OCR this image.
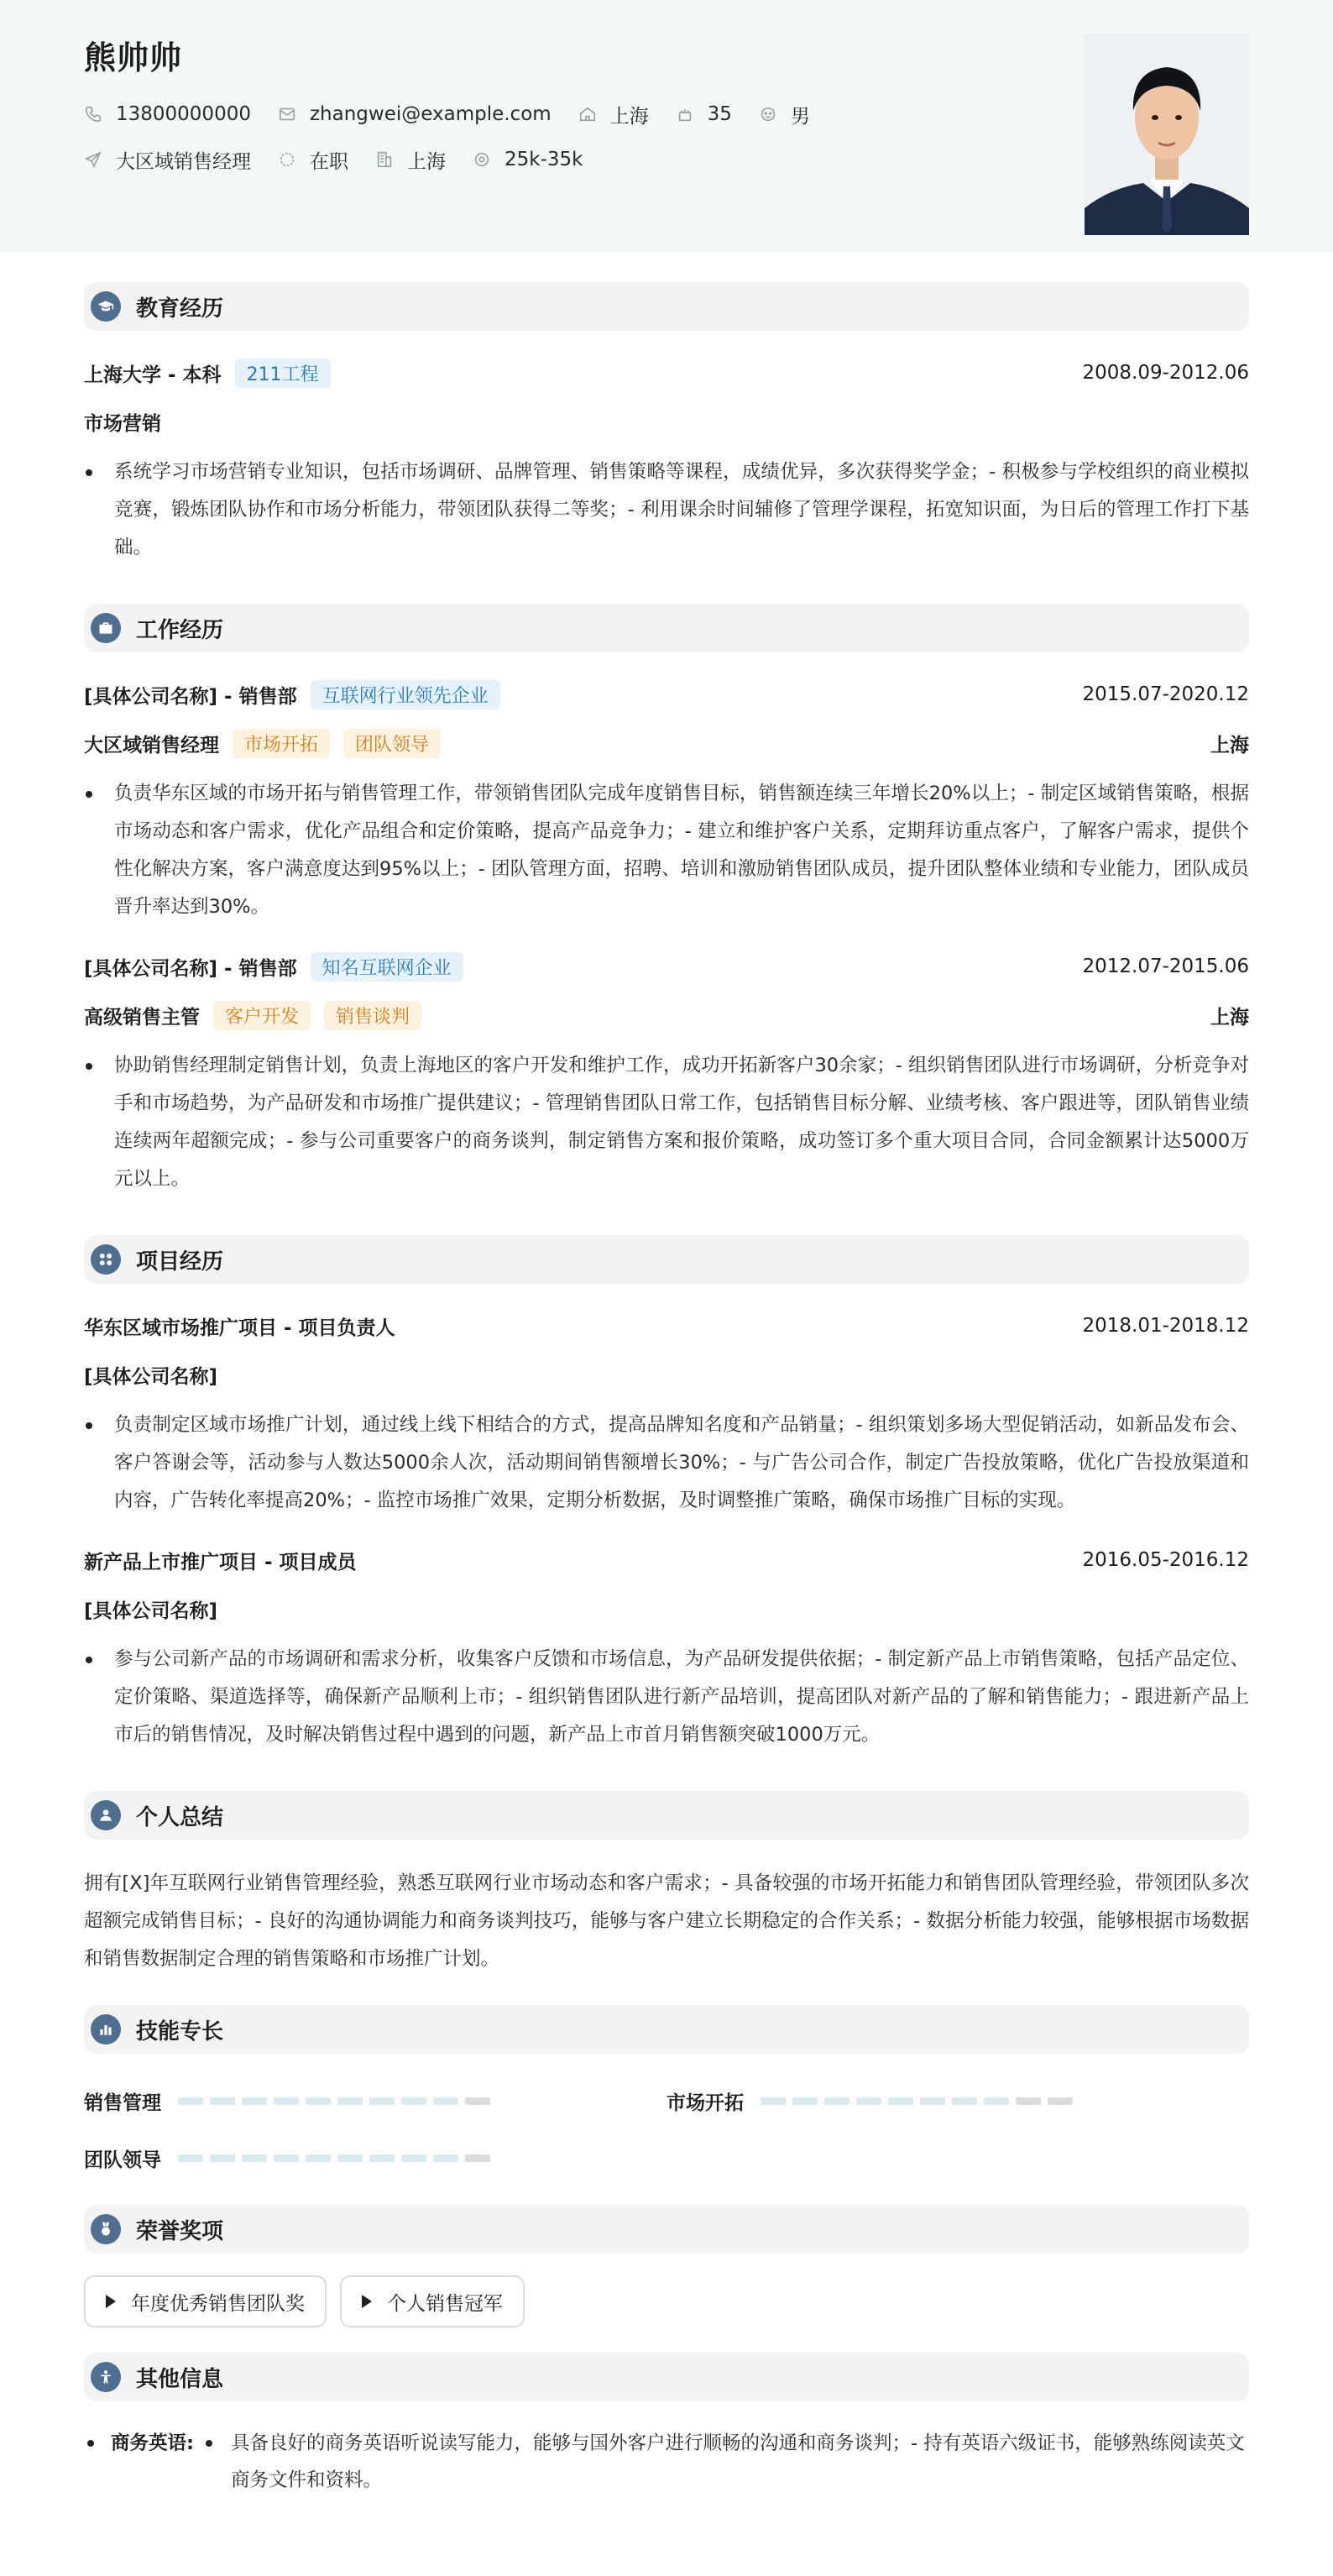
熊帅帅
13800000000	zhangwei@example.com	上海	35	男
大区域销售经理	在职	上海	25k-35k
教育经历
上海大学 - 本科	211工程	2008.09-2012.06
市场营销
系统学习市场营销专业知识，包括市场调研、品牌管理、销售策略等课程，成绩优异，多次获得奖学金；- 积极参与学校组织的商业模拟竞赛，锻炼团队协作和市场分析能力，带领团队获得二等奖；- 利用课余时间辅修了管理学课程，拓宽知识面，为日后的管理工作打下基础。
工作经历
[具体公司名称] - 销售部	互联网行业领先企业	2015.07-2020.12
大区域销售经理	市场开拓	团队领导	上海
负责华东区域的市场开拓与销售管理工作，带领销售团队完成年度销售目标，销售额连续三年增长20%以上；- 制定区域销售策略，根据市场动态和客户需求，优化产品组合和定价策略，提高产品竞争力；- 建立和维护客户关系，定期拜访重点客户，了解客户需求，提供个性化解决方案，客户满意度达到95%以上；- 团队管理方面，招聘、培训和激励销售团队成员，提升团队整体业绩和专业能力，团队成员晋升率达到30%。
[具体公司名称] - 销售部	知名互联网企业	2012.07-2015.06
高级销售主管	客户开发	销售谈判	上海
协助销售经理制定销售计划，负责上海地区的客户开发和维护工作，成功开拓新客户30余家；- 组织销售团队进行市场调研，分析竞争对手和市场趋势，为产品研发和市场推广提供建议；- 管理销售团队日常工作，包括销售目标分解、业绩考核、客户跟进等，团队销售业绩连续两年超额完成；- 参与公司重要客户的商务谈判，制定销售方案和报价策略，成功签订多个重大项目合同，合同金额累计达5000万元以上。
项目经历
华东区域市场推广项目 - 项目负责人	2018.01-2018.12
[具体公司名称]
负责制定区域市场推广计划，通过线上线下相结合的方式，提高品牌知名度和产品销量；- 组织策划多场大型促销活动，如新品发布会、客户答谢会等，活动参与人数达5000余人次，活动期间销售额增长30%；- 与广告公司合作，制定广告投放策略，优化广告投放渠道和内容，广告转化率提高20%；- 监控市场推广效果，定期分析数据，及时调整推广策略，确保市场推广目标的实现。
新产品上市推广项目 - 项目成员	2016.05-2016.12
[具体公司名称]
参与公司新产品的市场调研和需求分析，收集客户反馈和市场信息，为产品研发提供依据；- 制定新产品上市销售策略，包括产品定位、定价策略、渠道选择等，确保新产品顺利上市；- 组织销售团队进行新产品培训，提高团队对新产品的了解和销售能力；- 跟进新产品上市后的销售情况，及时解决销售过程中遇到的问题，新产品上市首月销售额突破1000万元。
个人总结
拥有[X]年互联网行业销售管理经验，熟悉互联网行业市场动态和客户需求；- 具备较强的市场开拓能力和销售团队管理经验，带领团队多次超额完成销售目标；- 良好的沟通协调能力和商务谈判技巧，能够与客户建立长期稳定的合作关系；- 数据分析能力较强，能够根据市场数据和销售数据制定合理的销售策略和市场推广计划。
技能专长
销售管理	市场开拓
团队领导
荣誉奖项
年度优秀销售团队奖	个人销售冠军
其他信息
商务英语: 具备良好的商务英语听说读写能力，能够与国外客户进行顺畅的沟通和商务谈判；- 持有英语六级证书，能够熟练阅读英文商务文件和资料。
